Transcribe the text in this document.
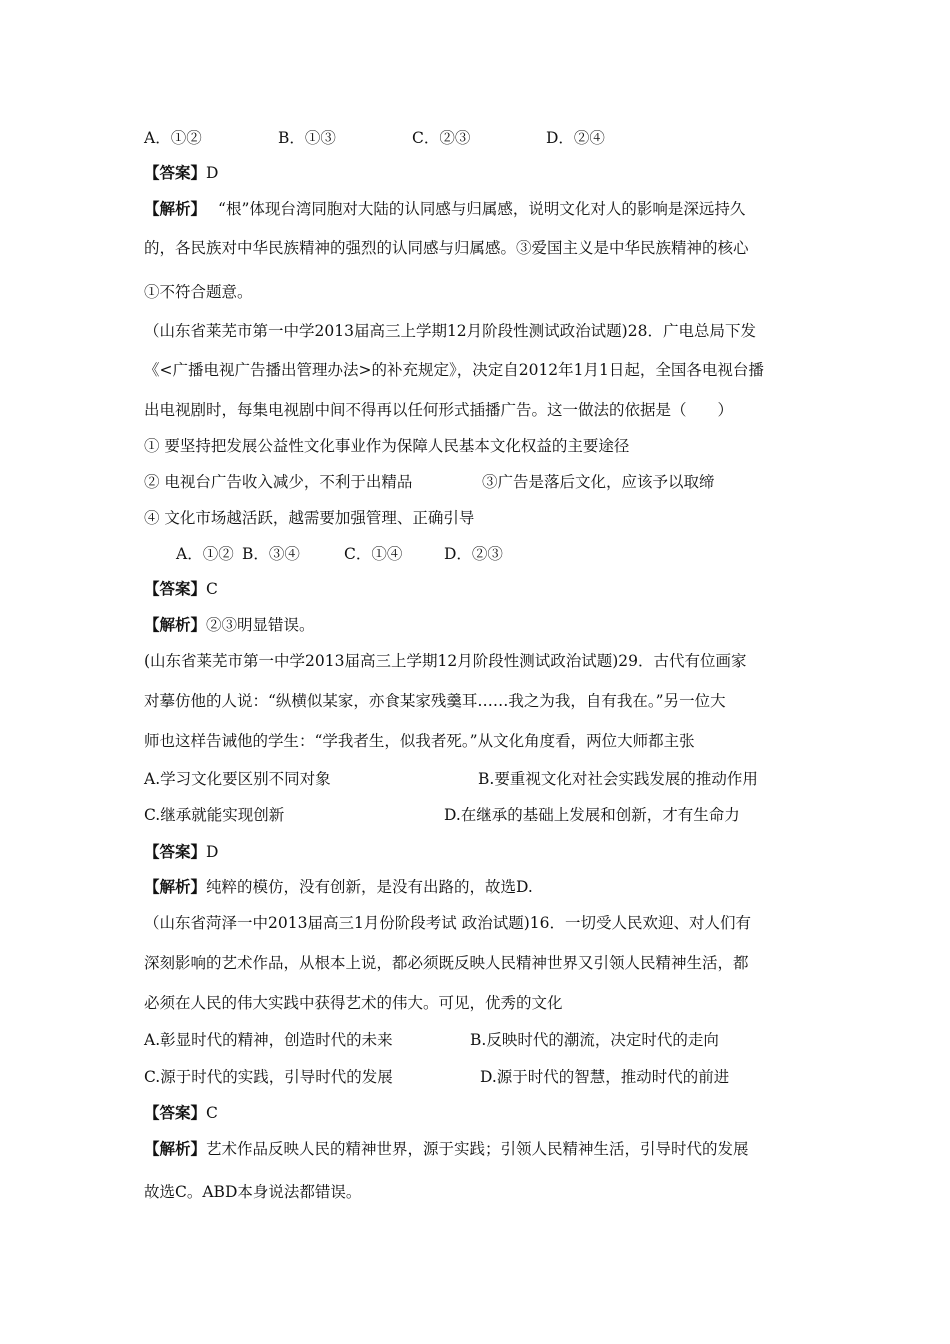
A．①②	B．①③	C．②③	D．②④
【答案】D
【解析】 “根”体现台湾同胞对大陆的认同感与归属感，说明文化对人的影响是深远持久
的，各民族对中华民族精神的强烈的认同感与归属感。③爱国主义是中华民族精神的核心
①不符合题意。
（山东省莱芜市第一中学2013届高三上学期12月阶段性测试政治试题)28．广电总局下发
《<广播电视广告播出管理办法>的补充规定》，决定自2012年1月1日起，全国各电视台播
出电视剧时，每集电视剧中间不得再以任何形式插播广告。这一做法的依据是（　　）
① 要坚持把发展公益性文化事业作为保障人民基本文化权益的主要途径
② 电视台广告收入减少，不利于出精品	③广告是落后文化，应该予以取缔
④ 文化市场越活跃，越需要加强管理、正确引导
A．①② B．③④	C．①④	D．②③
【答案】C
【解析】②③明显错误。
(山东省莱芜市第一中学2013届高三上学期12月阶段性测试政治试题)29．古代有位画家
对摹仿他的人说：“纵横似某家，亦食某家残羹耳……我之为我，自有我在。”另一位大
师也这样告诫他的学生：“学我者生，似我者死。”从文化角度看，两位大师都主张
A.学习文化要区别不同对象	B.要重视文化对社会实践发展的推动作用
C.继承就能实现创新	D.在继承的基础上发展和创新，才有生命力
【答案】D
【解析】纯粹的模仿，没有创新，是没有出路的，故选D.
（山东省菏泽一中2013届高三1月份阶段考试 政治试题)16．一切受人民欢迎、对人们有
深刻影响的艺术作品，从根本上说，都必须既反映人民精神世界又引领人民精神生活，都
必须在人民的伟大实践中获得艺术的伟大。可见，优秀的文化
A.彰显时代的精神，创造时代的未来	B.反映时代的潮流，决定时代的走向
C.源于时代的实践，引导时代的发展	D.源于时代的智慧，推动时代的前进
【答案】C
【解析】艺术作品反映人民的精神世界，源于实践；引领人民精神生活，引导时代的发展
故选C。ABD本身说法都错误。
